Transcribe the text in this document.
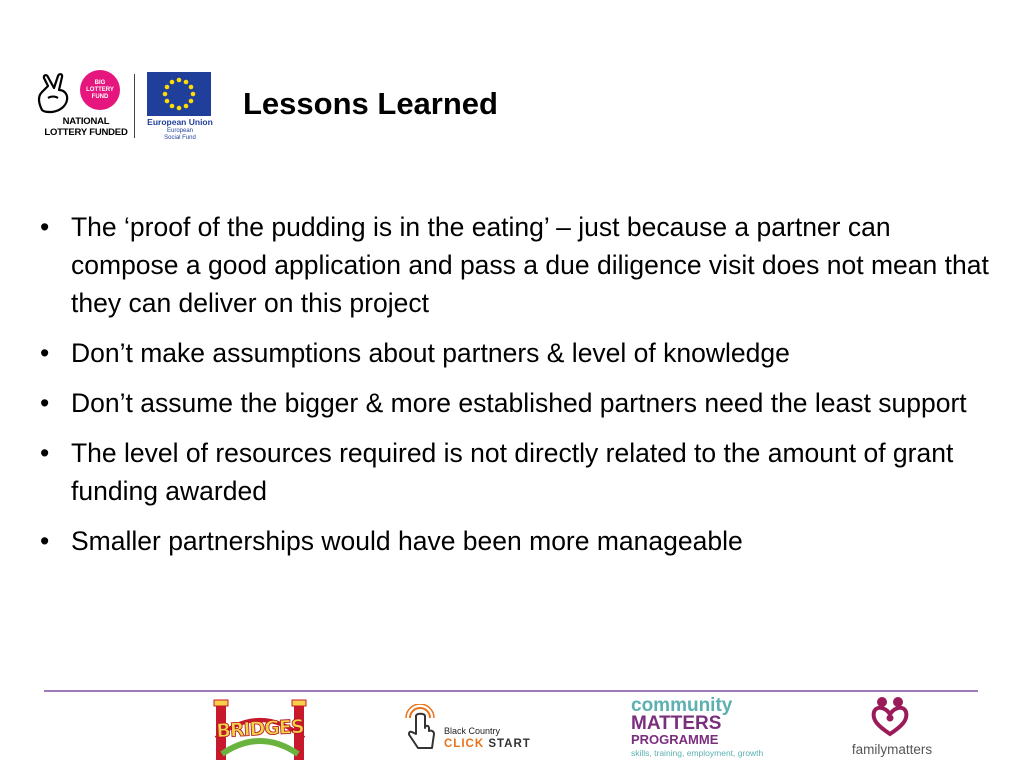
BIG
LOTTERY
FUND
NATIONAL
LOTTERY FUNDED
European Union
European
Social Fund
Lessons Learned
• The ‘proof of the pudding is in the eating’ – just because a partner can compose a good application and pass a due diligence visit does not mean that they can deliver on this project
• Don’t make assumptions about partners & level of knowledge
• Don’t assume the bigger & more established partners need the least support
• The level of resources required is not directly related to the amount of grant funding awarded
• Smaller partnerships would have been more manageable
BRIDGES	Black Country
CLICK START
community
MATTERS
PROGRAMME
skills, training, employment, growth	familymatters
